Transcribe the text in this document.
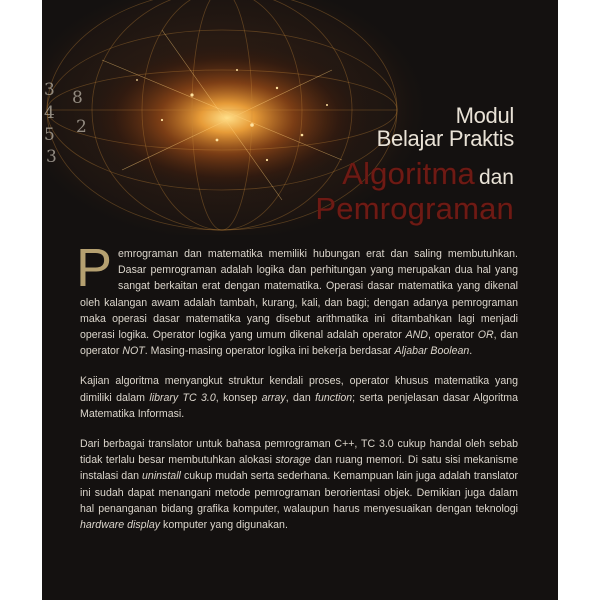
3
4
8
5 2
3
Modul
Belajar Praktis
Algoritma dan
Pemrograman

Pemrograman dan matematika memiliki hubungan erat dan saling membutuhkan. Dasar pemrograman adalah logika dan perhitungan yang merupakan dua hal yang sangat berkaitan erat dengan matematika. Operasi dasar matematika yang dikenal oleh kalangan awam adalah tambah, kurang, kali, dan bagi; dengan adanya pemrograman maka operasi dasar matematika yang disebut arithmatika ini ditambahkan lagi menjadi operasi logika. Operator logika yang umum dikenal adalah operator AND, operator OR, dan operator NOT. Masing-masing operator logika ini bekerja berdasar Aljabar Boolean.

Kajian algoritma menyangkut struktur kendali proses, operator khusus matematika yang dimiliki dalam library TC 3.0, konsep array, dan function; serta penjelasan dasar Algoritma Matematika Informasi.

Dari berbagai translator untuk bahasa pemrograman C++, TC 3.0 cukup handal oleh sebab tidak terlalu besar membutuhkan alokasi storage dan ruang memori. Di satu sisi mekanisme instalasi dan uninstall cukup mudah serta sederhana. Kemampuan lain juga adalah translator ini sudah dapat menangani metode pemrograman berorientasi objek. Demikian juga dalam hal penanganan bidang grafika komputer, walaupun harus menyesuaikan dengan teknologi hardware display komputer yang digunakan.
